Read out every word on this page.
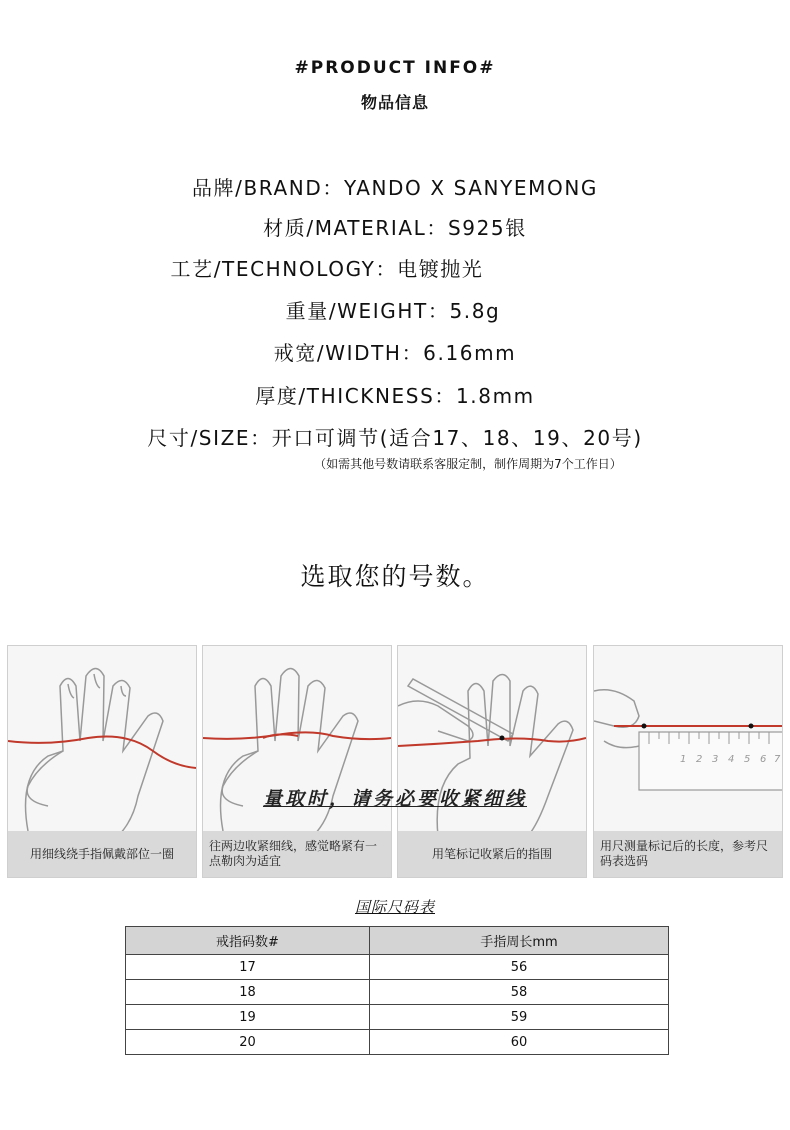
#PRODUCT INFO#
物品信息
品牌/BRAND：YANDO X SANYEMONG
材质/MATERIAL：S925银
工艺/TECHNOLOGY：电镀抛光
重量/WEIGHT：5.8g
戒宽/WIDTH：6.16mm
厚度/THICKNESS：1.8mm
尺寸/SIZE：开口可调节(适合17、18、19、20号)
（如需其他号数请联系客服定制，制作周期为7个工作日）
选取您的号数。
用细线绕手指佩戴部位一圈
往两边收紧细线，感觉略紧有一点勒肉为适宜
用笔标记收紧后的指围
1 2 3 4 5 6 7
用尺测量标记后的长度，参考尺码表选码
量取时，请务必要收紧细线
国际尺码表
戒指码数#	手指周长mm
17	56
18	58
19	59
20	60
